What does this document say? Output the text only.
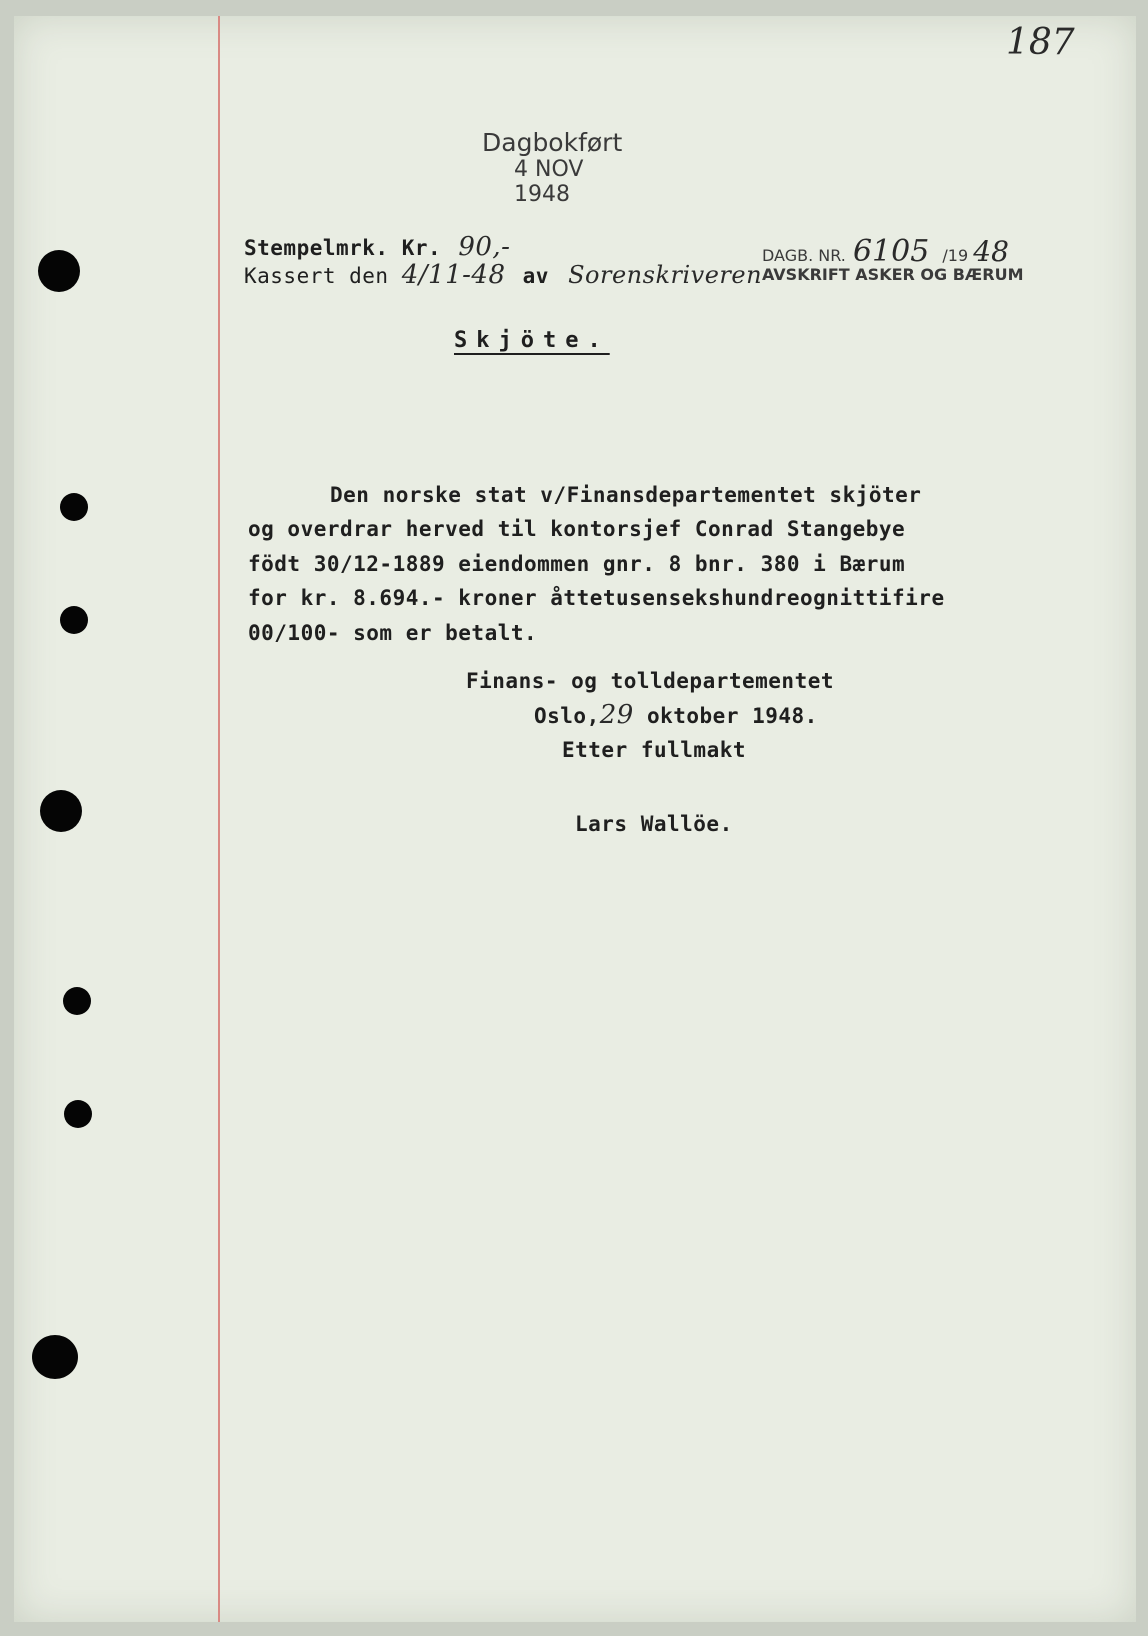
187
Dagbokført
4 NOV 1948
Stempelmrk. Kr. 90,-
Kassert den 4/11-48 av Sorenskriveren
DAGB. NR. 6105 /19 48
AVSKRIFT ASKER OG BÆRUM
Skjöte.
Den norske stat v/Finansdepartementet skjöter
og overdrar herved til kontorsjef Conrad Stangebye
födt 30/12-1889 eiendommen gnr. 8 bnr. 380 i Bærum
for kr. 8.694.- kroner åttetusensekshundreognittifire
00/100- som er betalt.
Finans- og tolldepartementet
Oslo,29 oktober 1948.
Etter fullmakt
Lars Wallöe.
